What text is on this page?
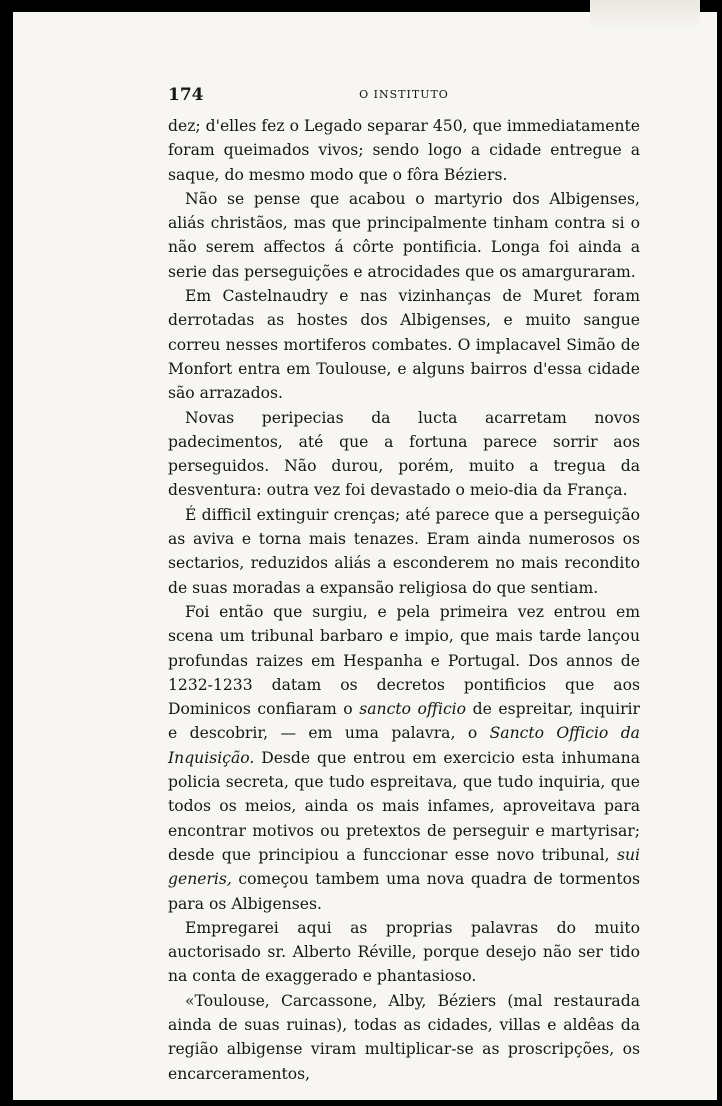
174	O INSTITUTO

dez; d'elles fez o Legado separar 450, que immediatamente foram queimados vivos; sendo logo a cidade entregue a saque, do mesmo modo que o fôra Béziers.

Não se pense que acabou o martyrio dos Albigenses, aliás christãos, mas que principalmente tinham contra si o não serem affectos á côrte pontificia. Longa foi ainda a serie das perseguições e atrocidades que os amarguraram.

Em Castelnaudry e nas vizinhanças de Muret foram derrotadas as hostes dos Albigenses, e muito sangue correu nesses mortiferos combates. O implacavel Simão de Monfort entra em Toulouse, e alguns bairros d'essa cidade são arrazados.

Novas peripecias da lucta acarretam novos padecimentos, até que a fortuna parece sorrir aos perseguidos. Não durou, porém, muito a tregua da desventura: outra vez foi devastado o meio-dia da França.

É difficil extinguir crenças; até parece que a perseguição as aviva e torna mais tenazes. Eram ainda numerosos os sectarios, reduzidos aliás a esconderem no mais recondito de suas moradas a expansão religiosa do que sentiam.

Foi então que surgiu, e pela primeira vez entrou em scena um tribunal barbaro e impio, que mais tarde lançou profundas raizes em Hespanha e Portugal. Dos annos de 1232-1233 datam os decretos pontificios que aos Dominicos confiaram o sancto officio de espreitar, inquirir e descobrir, — em uma palavra, o Sancto Officio da Inquisição. Desde que entrou em exercicio esta inhumana policia secreta, que tudo espreitava, que tudo inquiria, que todos os meios, ainda os mais infames, aproveitava para encontrar motivos ou pretextos de perseguir e martyrisar; desde que principiou a funccionar esse novo tribunal, sui generis, começou tambem uma nova quadra de tormentos para os Albigenses.

Empregarei aqui as proprias palavras do muito auctorisado sr. Alberto Réville, porque desejo não ser tido na conta de exaggerado e phantasioso.

«Toulouse, Carcassone, Alby, Béziers (mal restaurada ainda de suas ruinas), todas as cidades, villas e aldêas da região albigense viram multiplicar-se as proscripções, os encarceramentos,
